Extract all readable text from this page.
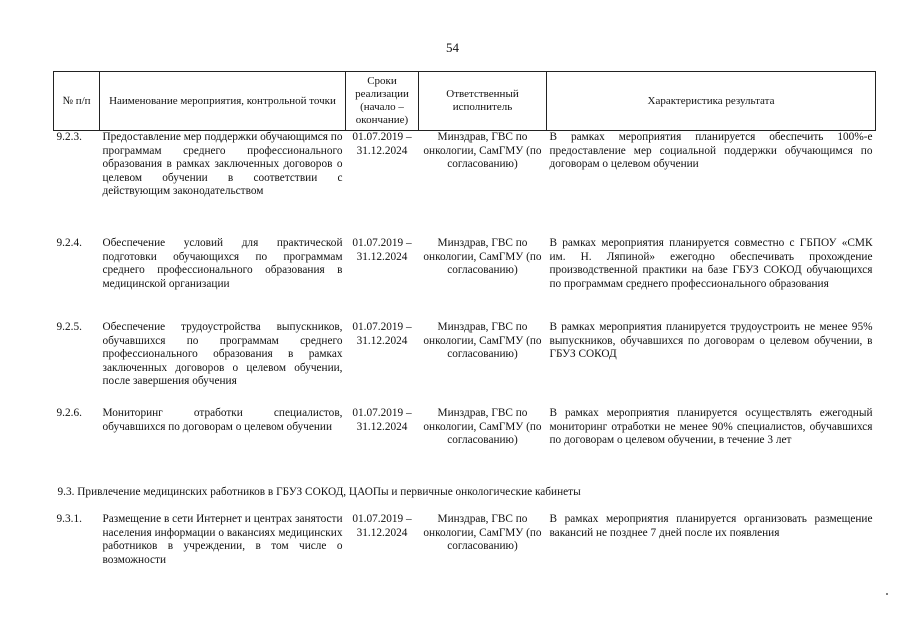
54
№ п/п	Наименование мероприятия, контрольной точки	Сроки реализации (начало – окончание)	Ответственный исполнитель	Характеристика результата
9.2.3.	Предоставление мер поддержки обучающимся по программам среднего профессионального образования в рамках заключенных договоров о целевом обучении в соответствии с действующим законодательством	01.07.2019 – 31.12.2024	Минздрав, ГВС по онкологии, СамГМУ (по согласованию)	В рамках мероприятия планируется обеспечить 100%-е предоставление мер социальной поддержки обучающимся по договорам о целевом обучении
9.2.4.	Обеспечение условий для практической подготовки обучающихся по программам среднего профессионального образования в медицинской организации	01.07.2019 – 31.12.2024	Минздрав, ГВС по онкологии, СамГМУ (по согласованию)	В рамках мероприятия планируется совместно с ГБПОУ «СМК им. Н. Ляпиной» ежегодно обеспечивать прохождение производственной практики на базе ГБУЗ СОКОД обучающихся по программам среднего профессионального образования
9.2.5.	Обеспечение трудоустройства выпускников, обучавшихся по программам среднего профессионального образования в рамках заключенных договоров о целевом обучении, после завершения обучения	01.07.2019 – 31.12.2024	Минздрав, ГВС по онкологии, СамГМУ (по согласованию)	В рамках мероприятия планируется трудоустроить не менее 95% выпускников, обучавшихся по договорам о целевом обучении, в ГБУЗ СОКОД
9.2.6.	Мониторинг отработки специалистов, обучавшихся по договорам о целевом обучении	01.07.2019 – 31.12.2024	Минздрав, ГВС по онкологии, СамГМУ (по согласованию)	В рамках мероприятия планируется осуществлять ежегодный мониторинг отработки не менее 90% специалистов, обучавшихся по договорам о целевом обучении, в течение 3 лет
9.3. Привлечение медицинских работников в ГБУЗ СОКОД, ЦАОПы и первичные онкологические кабинеты				
9.3.1.	Размещение в сети Интернет и центрах занятости населения информации о вакансиях медицинских работников в учреждении, в том числе о возможности	01.07.2019 – 31.12.2024	Минздрав, ГВС по онкологии, СамГМУ (по согласованию)	В рамках мероприятия планируется организовать размещение вакансий не позднее 7 дней после их появления
